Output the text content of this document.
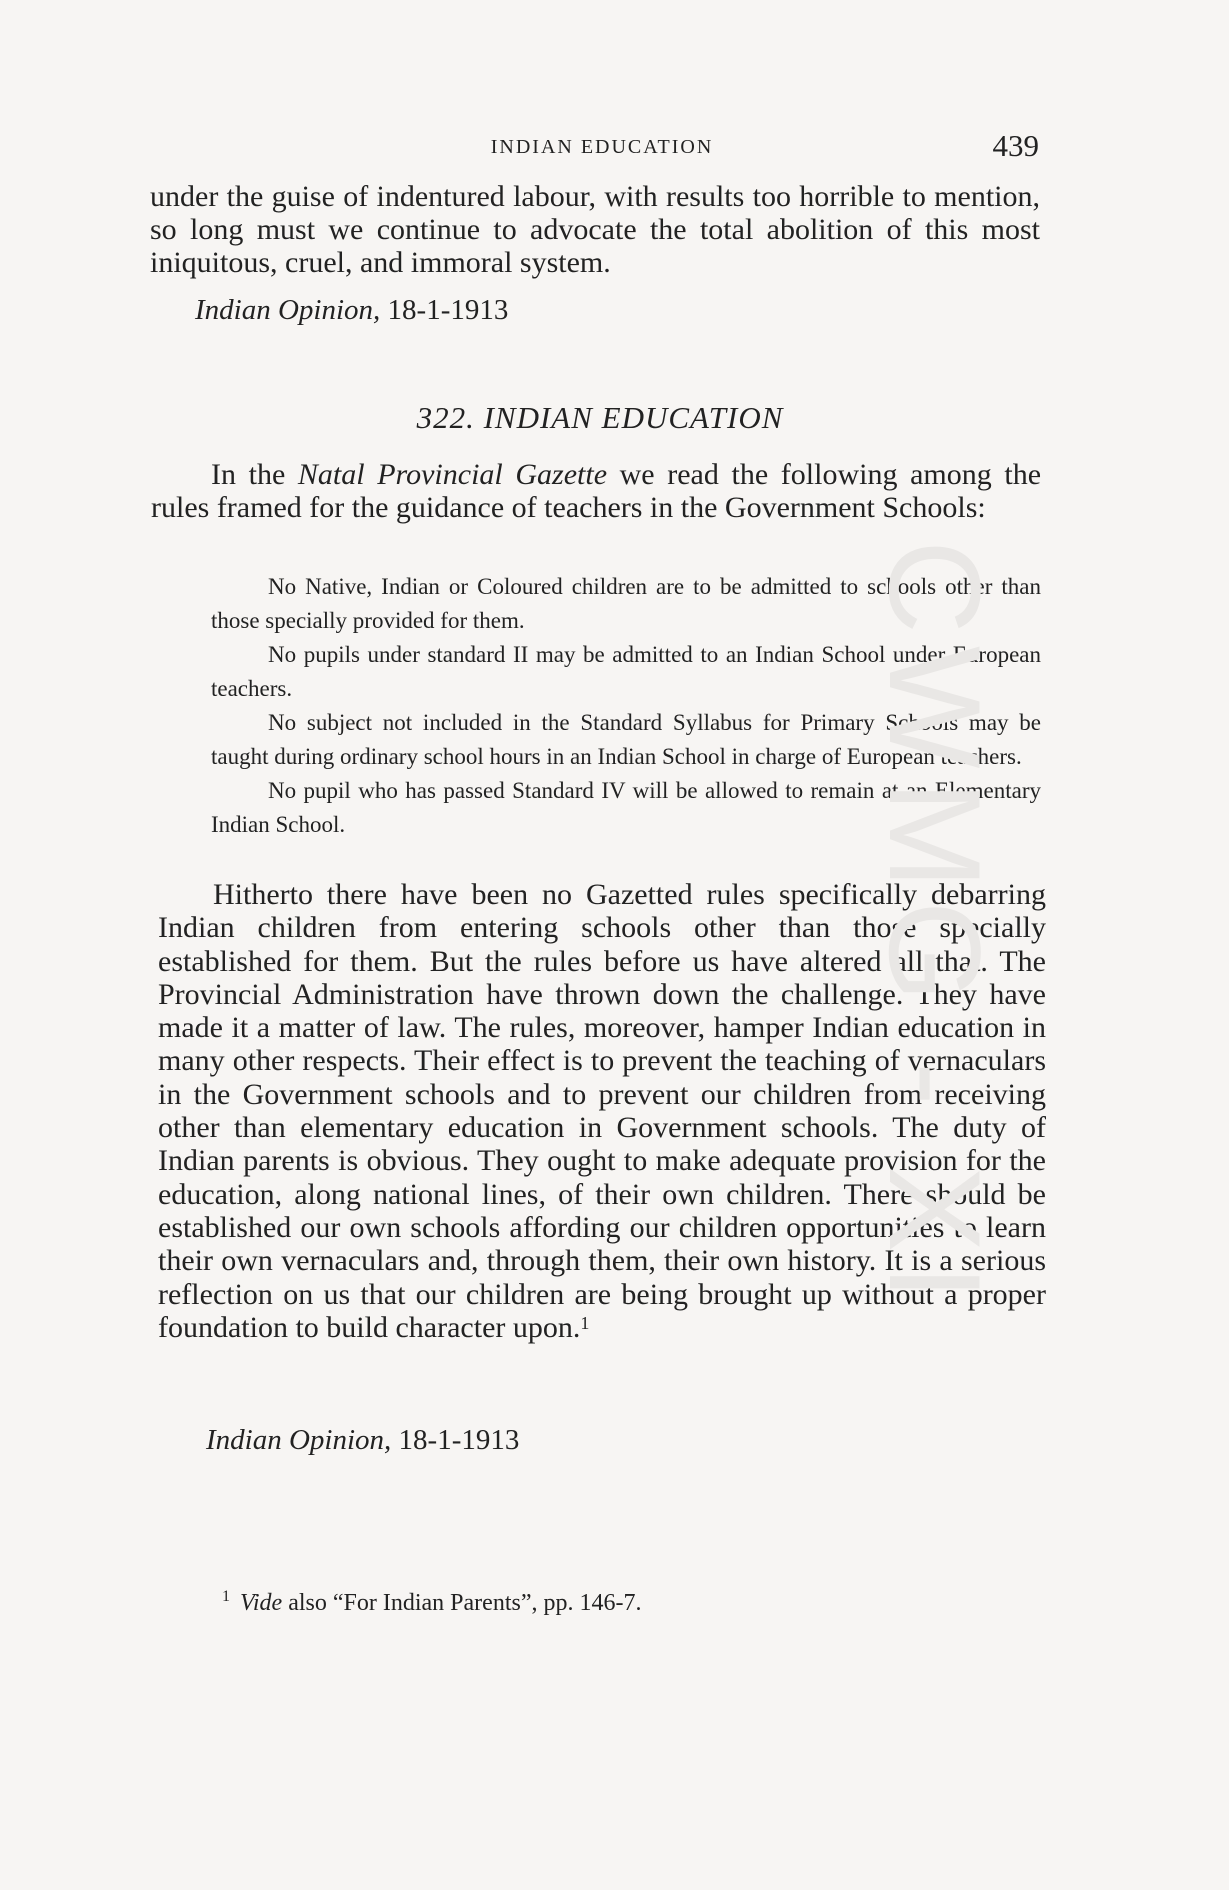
INDIAN EDUCATION	439

under the guise of indentured labour, with results too horrible to mention, so long must we continue to advocate the total abolition of this most iniquitous, cruel, and immoral system.

Indian Opinion, 18-1-1913
322. INDIAN EDUCATION

In the Natal Provincial Gazette we read the following among the rules framed for the guidance of teachers in the Government Schools:

No Native, Indian or Coloured children are to be admitted to schools other than those specially provided for them.

No pupils under standard II may be admitted to an Indian School under European teachers.

No subject not included in the Standard Syllabus for Primary Schools may be taught during ordinary school hours in an Indian School in charge of European teachers.

No pupil who has passed Standard IV will be allowed to remain at an Elementary Indian School.

Hitherto there have been no Gazetted rules specifically debarring Indian children from entering schools other than those specially established for them. But the rules before us have altered all that. The Provincial Administration have thrown down the challenge. They have made it a matter of law. The rules, moreover, hamper Indian education in many other respects. Their effect is to prevent the teaching of vernaculars in the Government schools and to prevent our children from receiving other than elementary education in Government schools. The duty of Indian parents is obvious. They ought to make adequate provision for the education, along national lines, of their own children. There should be established our own schools affording our children opportunities to learn their own vernaculars and, through them, their own history. It is a serious reflection on us that our children are being brought up without a proper foundation to build character upon.$^1$

Indian Opinion, 18-1-1913
$^1$ Vide also “For Indian Parents”, pp. 146-7.
CWMG - XI
